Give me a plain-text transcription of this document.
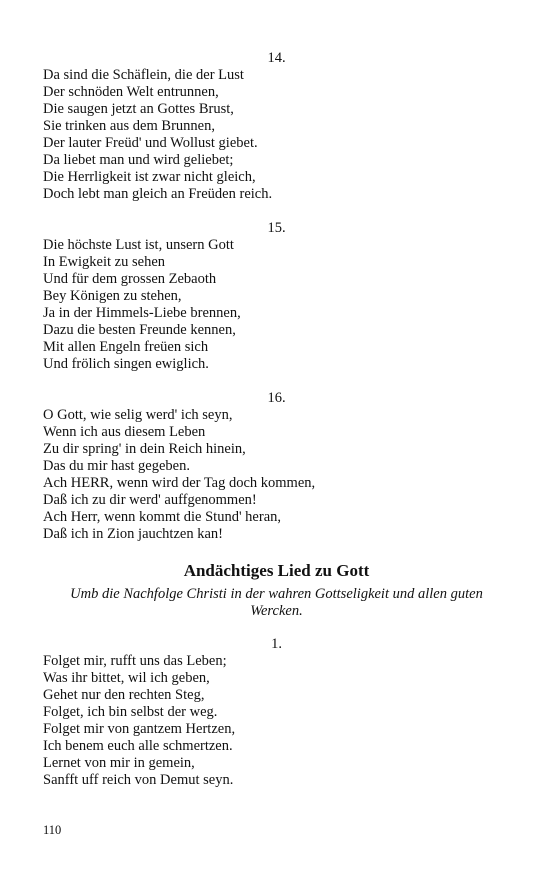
14.
Da sind die Schäflein, die der Lust
Der schnöden Welt entrunnen,
Die saugen jetzt an Gottes Brust,
Sie trinken aus dem Brunnen,
Der lauter Freüd' und Wollust giebet.
Da liebet man und wird geliebet;
Die Herrligkeit ist zwar nicht gleich,
Doch lebt man gleich an Freüden reich.
15.
Die höchste Lust ist, unsern Gott
In Ewigkeit zu sehen
Und für dem grossen Zebaoth
Bey Königen zu stehen,
Ja in der Himmels-Liebe brennen,
Dazu die besten Freunde kennen,
Mit allen Engeln freüen sich
Und frölich singen ewiglich.
16.
O Gott, wie selig werd' ich seyn,
Wenn ich aus diesem Leben
Zu dir spring' in dein Reich hinein,
Das du mir hast gegeben.
Ach HERR, wenn wird der Tag doch kommen,
Daß ich zu dir werd' auffgenommen!
Ach Herr, wenn kommt die Stund' heran,
Daß ich in Zion jauchtzen kan!
Andächtiges Lied zu Gott
Umb die Nachfolge Christi in der wahren Gottseligkeit und allen guten
Wercken.
1.
Folget mir, rufft uns das Leben;
Was ihr bittet, wil ich geben,
Gehet nur den rechten Steg,
Folget, ich bin selbst der weg.
Folget mir von gantzem Hertzen,
Ich benem euch alle schmertzen.
Lernet von mir in gemein,
Sanfft uff reich von Demut seyn.
110
